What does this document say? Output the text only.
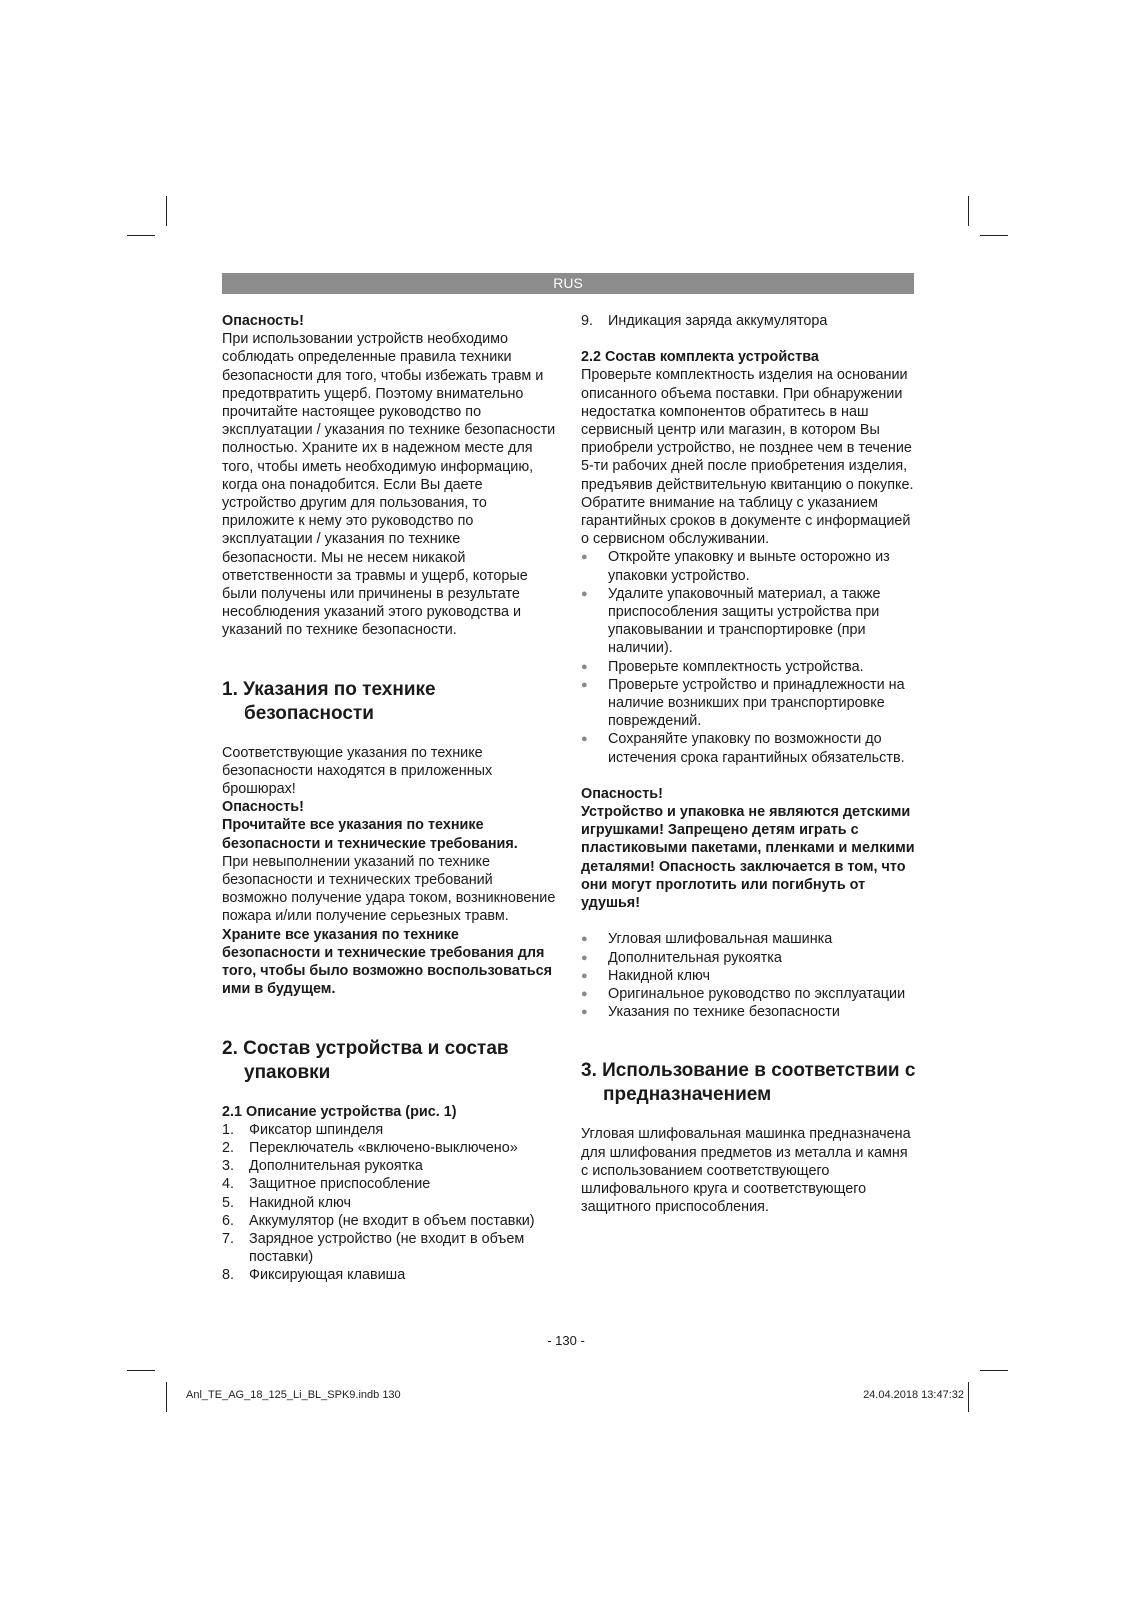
RUS

Опасность!

При использовании устройств необходимо соблюдать определенные правила техники безопасности для того, чтобы избежать травм и предотвратить ущерб. Поэтому внимательно прочитайте настоящее руководство по эксплуатации / указания по технике безопасности полностью. Храните их в надежном месте для того, чтобы иметь необходимую информацию, когда она понадобится. Если Вы даете устройство другим для пользования, то приложите к нему это руководство по эксплуатации / указания по технике безопасности. Мы не несем никакой ответственности за травмы и ущерб, которые были получены или причинены в результате несоблюдения указаний этого руководства и указаний по технике безопасности.

1. Указания по технике безопасности

Соответствующие указания по технике безопасности находятся в приложенных брошюрах!

Опасность!

Прочитайте все указания по технике безопасности и технические требования.

При невыполнении указаний по технике безопасности и технических требований возможно получение удара током, возникновение пожара и/или получение серьезных травм. Храните все указания по технике безопасности и технические требования для того, чтобы было возможно воспользоваться ими в будущем.

2. Состав устройства и состав упаковки

2.1 Описание устройства (рис. 1)

1. Фиксатор шпинделя
2. Переключатель «включено-выключено»
3. Дополнительная рукоятка
4. Защитное приспособление
5. Накидной ключ
6. Аккумулятор (не входит в объем поставки)
7. Зарядное устройство (не входит в объем поставки)
8. Фиксирующая клавиша
9. Индикация заряда аккумулятора

2.2 Состав комплекта устройства

Проверьте комплектность изделия на основании описанного объема поставки. При обнаружении недостатка компонентов обратитесь в наш сервисный центр или магазин, в котором Вы приобрели устройство, не позднее чем в течение 5-ти рабочих дней после приобретения изделия, предъявив действительную квитанцию о покупке. Обратите внимание на таблицу с указанием гарантийных сроков в документе с информацией о сервисном обслуживании.

● Откройте упаковку и выньте осторожно из упаковки устройство.
● Удалите упаковочный материал, а также приспособления защиты устройства при упаковывании и транспортировке (при наличии).
● Проверьте комплектность устройства.
● Проверьте устройство и принадлежности на наличие возникших при транспортировке повреждений.
● Сохраняйте упаковку по возможности до истечения срока гарантийных обязательств.

Опасность!

Устройство и упаковка не являются детскими игрушками! Запрещено детям играть с пластиковыми пакетами, пленками и мелкими деталями! Опасность заключается в том, что они могут проглотить или погибнуть от удушья!

● Угловая шлифовальная машинка
● Дополнительная рукоятка
● Накидной ключ
● Оригинальное руководство по эксплуатации
● Указания по технике безопасности
3. Использование в соответствии с предназначением

Угловая шлифовальная машинка предназначена для шлифования предметов из металла и камня с использованием соответствующего шлифовального круга и соответствующего защитного приспособления.

- 130 -
Anl_TE_AG_18_125_Li_BL_SPK9.indb 130	24.04.2018 13:47:32
